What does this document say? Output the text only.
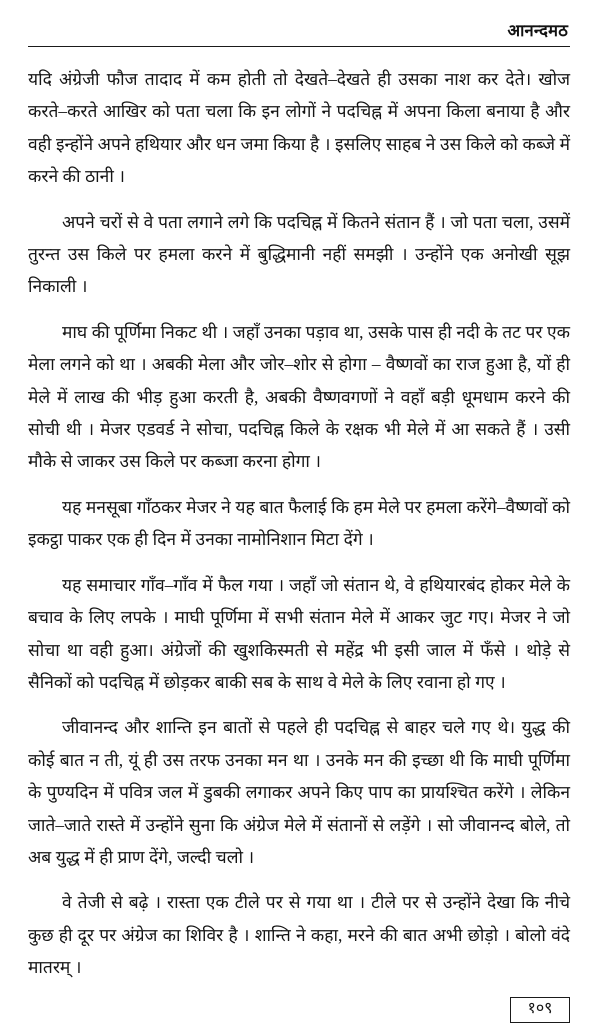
आनन्दमठ

यदि अंग्रेजी फौज तादाद में कम होती तो देखते–देखते ही उसका नाश कर देते। खोज करते–करते आखिर को पता चला कि इन लोगों ने पदचिह्न में अपना किला बनाया है और वही इन्होंने अपने हथियार और धन जमा किया है । इसलिए साहब ने उस किले को कब्जे में करने की ठानी ।

अपने चरों से वे पता लगाने लगे कि पदचिह्न में कितने संतान हैं । जो पता चला, उसमें तुरन्त उस किले पर हमला करने में बुद्धिमानी नहीं समझी । उन्होंने एक अनोखी सूझ निकाली ।

माघ की पूर्णिमा निकट थी । जहाँ उनका पड़ाव था, उसके पास ही नदी के तट पर एक मेला लगने को था । अबकी मेला और जोर–शोर से होगा – वैष्णवों का राज हुआ है, यों ही मेले में लाख की भीड़ हुआ करती है, अबकी वैष्णवगणों ने वहाँ बड़ी धूमधाम करने की सोची थी । मेजर एडवर्ड ने सोचा, पदचिह्न किले के रक्षक भी मेले में आ सकते हैं । उसी मौके से जाकर उस किले पर कब्जा करना होगा ।

यह मनसूबा गाँठकर मेजर ने यह बात फैलाई कि हम मेले पर हमला करेंगे–वैष्णवों को इकट्ठा पाकर एक ही दिन में उनका नामोनिशान मिटा देंगे ।

यह समाचार गाँव–गाँव में फैल गया । जहाँ जो संतान थे, वे हथियारबंद होकर मेले के बचाव के लिए लपके । माघी पूर्णिमा में सभी संतान मेले में आकर जुट गए। मेजर ने जो सोचा था वही हुआ। अंग्रेजों की खुशकिस्मती से महेंद्र भी इसी जाल में फँसे । थोड़े से सैनिकों को पदचिह्न में छोड़कर बाकी सब के साथ वे मेले के लिए रवाना हो गए ।

जीवानन्द और शान्ति इन बातों से पहले ही पदचिह्न से बाहर चले गए थे। युद्ध की कोई बात न ती, यूं ही उस तरफ उनका मन था । उनके मन की इच्छा थी कि माघी पूर्णिमा के पुण्यदिन में पवित्र जल में डुबकी लगाकर अपने किए पाप का प्रायश्चित करेंगे । लेकिन जाते–जाते रास्ते में उन्होंने सुना कि अंग्रेज मेले में संतानों से लड़ेंगे । सो जीवानन्द बोले, तो अब युद्ध में ही प्राण देंगे, जल्दी चलो ।

वे तेजी से बढ़े । रास्ता एक टीले पर से गया था । टीले पर से उन्होंने देखा कि नीचे कुछ ही दूर पर अंग्रेज का शिविर है । शान्ति ने कहा, मरने की बात अभी छोड़ो । बोलो वंदे मातरम् ।

१०९
